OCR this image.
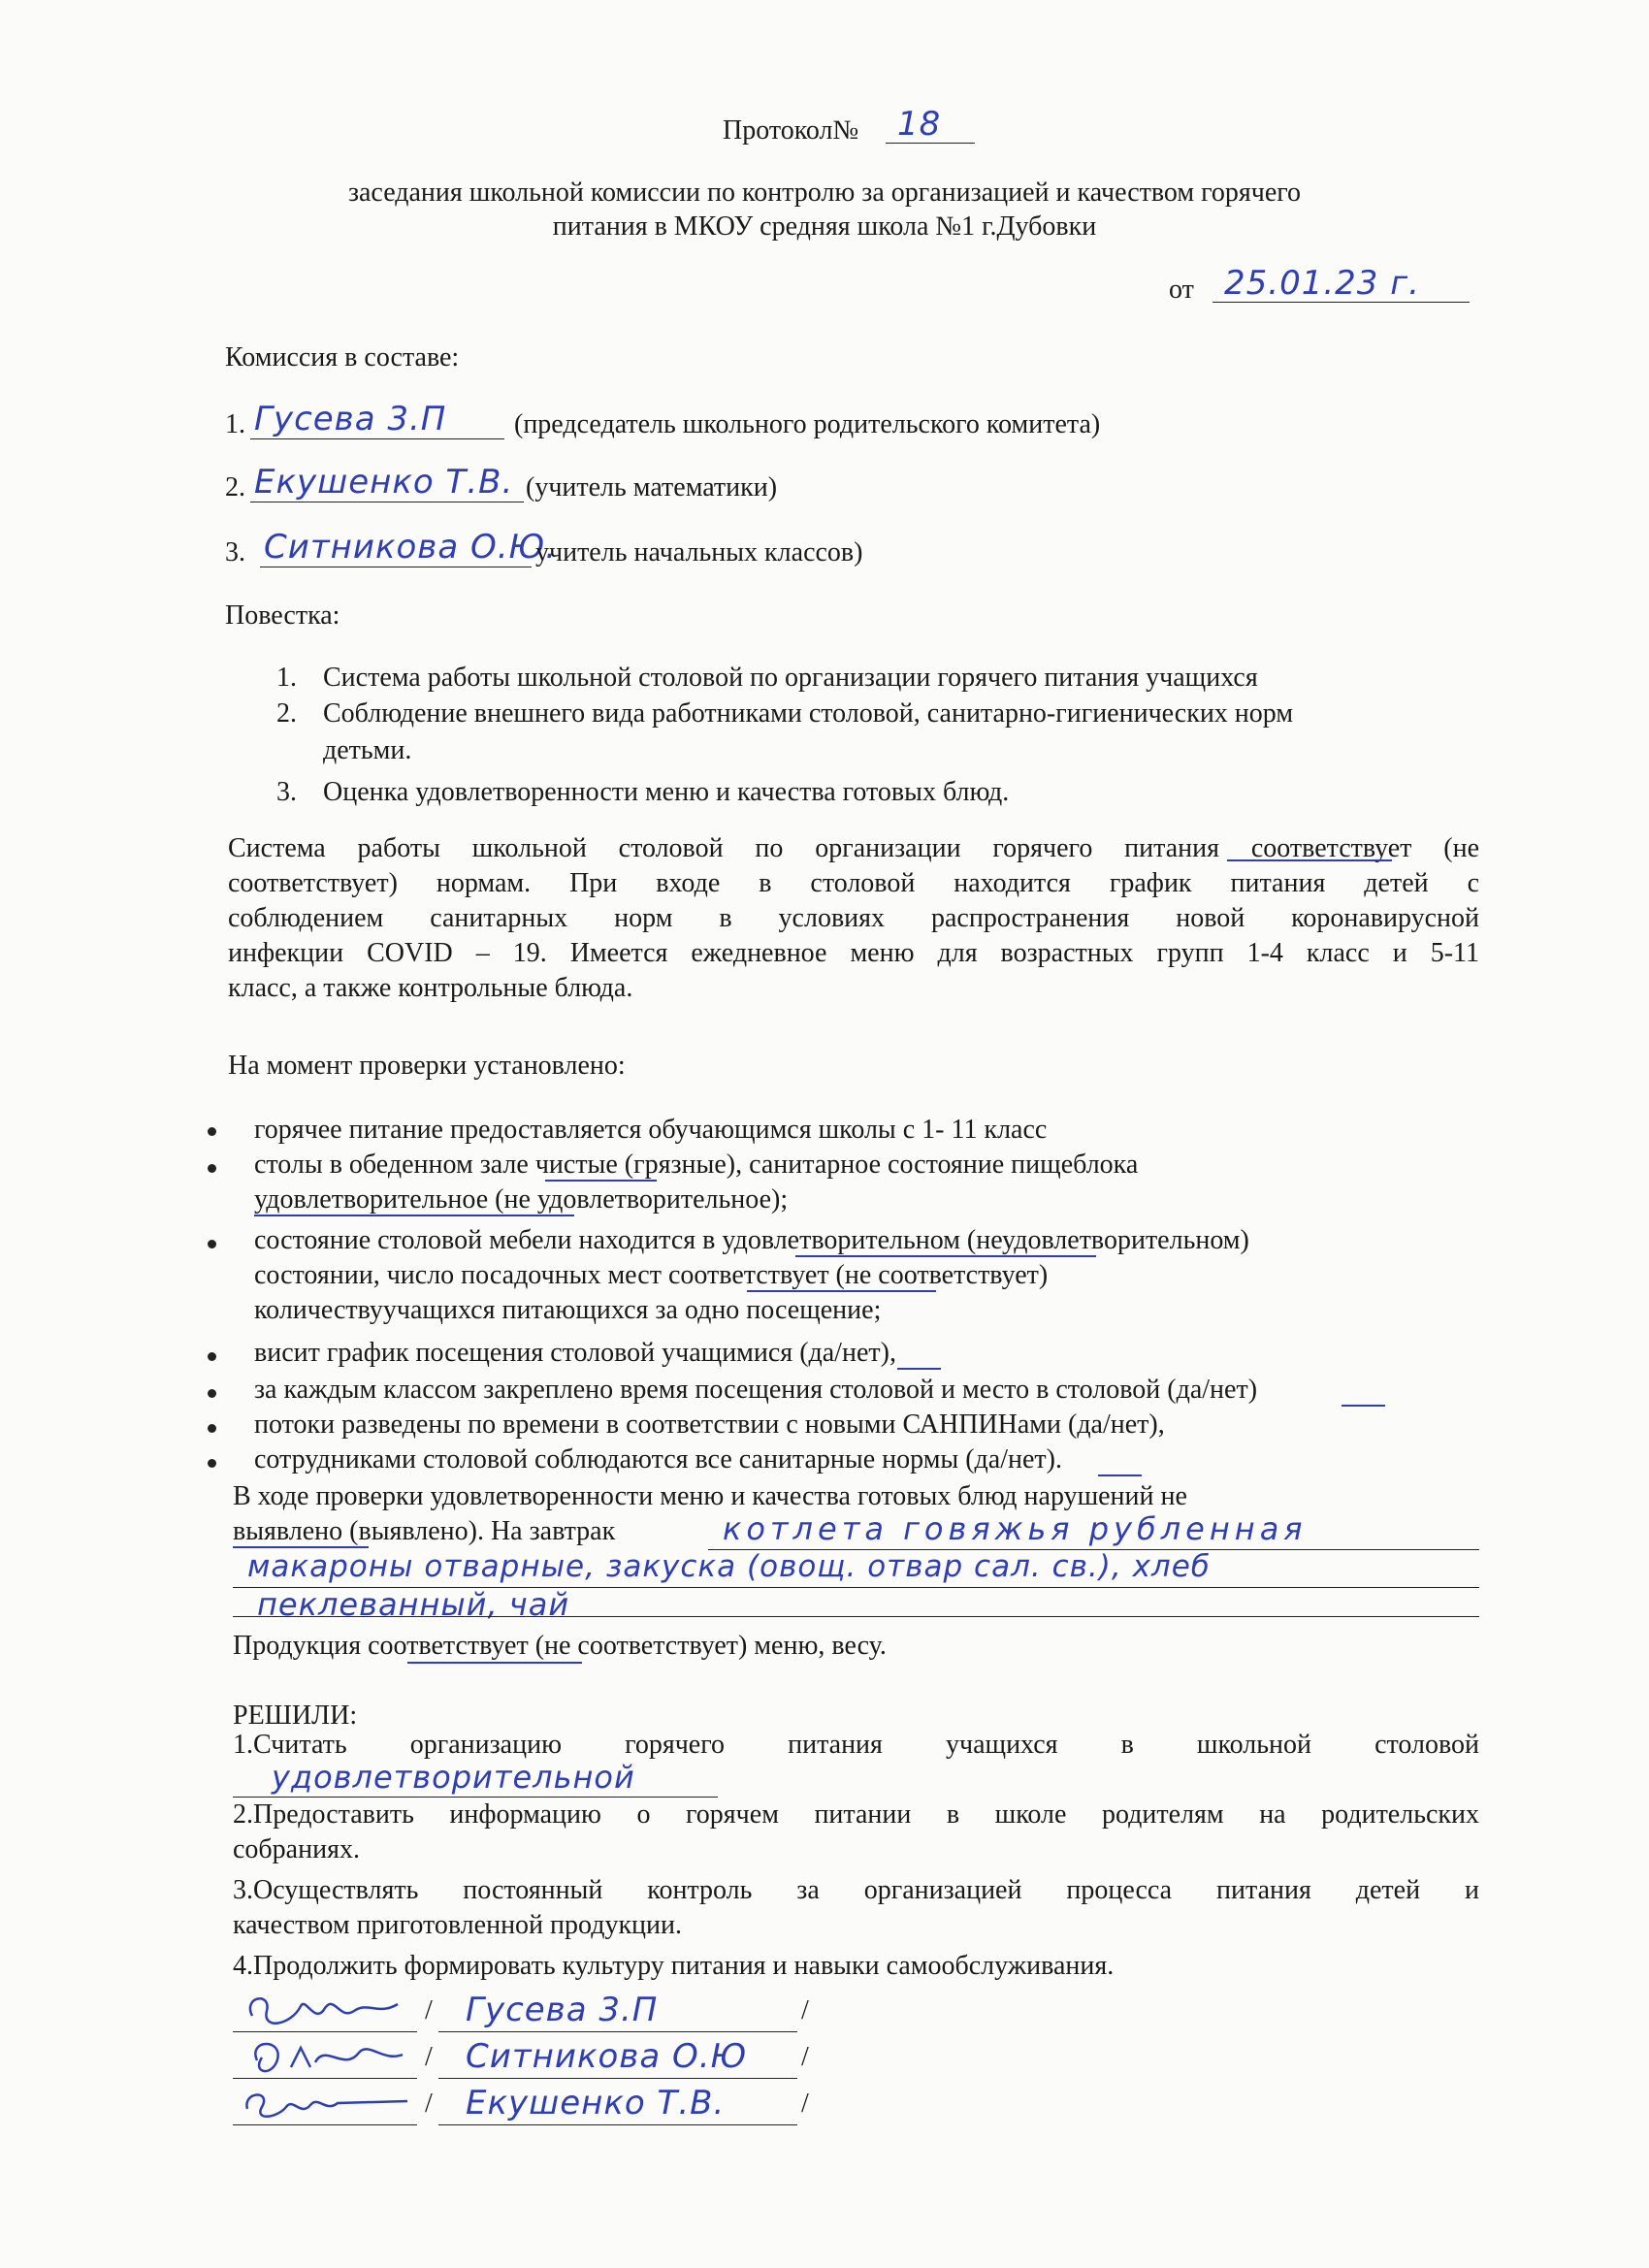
Протокол№ 18
заседания школьной комиссии по контролю за организацией и качеством горячего
питания в МКОУ средняя школа №1 г.Дубовки
от 25.01.23 г.
Комиссия в составе:
1. Гусева 3.П (председатель школьного родительского комитета)
2. Екушенко Т.В. (учитель математики)
3. Ситникова О.Ю.
учитель начальных классов)
Повестка:
1. Система работы школьной столовой по организации горячего питания учащихся
2. Соблюдение внешнего вида работниками столовой, санитарно-гигиенических норм
детьми.
3. Оценка удовлетворенности меню и качества готовых блюд.
Система работы школьной столовой по организации горячего питания соответствует (не
соответствует) нормам. При входе в столовой находится график питания детей с
соблюдением санитарных норм в условиях распространения новой коронавирусной
инфекции COVID – 19. Имеется ежедневное меню для возрастных групп 1-4 класс и 5-11
класс, а также контрольные блюда.
На момент проверки установлено:
горячее питание предоставляется обучающимся школы с 1- 11 класс
столы в обеденном зале чистые (грязные), санитарное состояние пищеблока
удовлетворительное (не удовлетворительное);
состояние столовой мебели находится в удовлетворительном (неудовлетворительном)
состоянии, число посадочных мест соответствует (не соответствует)
количествуучащихся питающихся за одно посещение;
висит график посещения столовой учащимися (да/нет),
за каждым классом закреплено время посещения столовой и место в столовой (да/нет)
потоки разведены по времени в соответствии с новыми САНПИНами (да/нет),
сотрудниками столовой соблюдаются все санитарные нормы (да/нет).
В ходе проверки удовлетворенности меню и качества готовых блюд нарушений не
выявлено (выявлено). На завтрак	котлета говяжья рубленная
макароны отварные, закуска (овощ. отвар сал. св.), хлеб
пеклеванный, чай
Продукция соответствует (не соответствует) меню, весу.
РЕШИЛИ:
1.Считать организацию горячего питания учащихся в школьной столовой
удовлетворительной
2.Предоставить информацию о горячем питании в школе родителям на родительских
собраниях.
3.Осуществлять постоянный контроль за организацией процесса питания детей и
качеством приготовленной продукции.
4.Продолжить формировать культуру питания и навыки самообслуживания.
/ Гусева 3.П	/
/ Ситникова О.Ю /
/ Екушенко Т.В.	/
